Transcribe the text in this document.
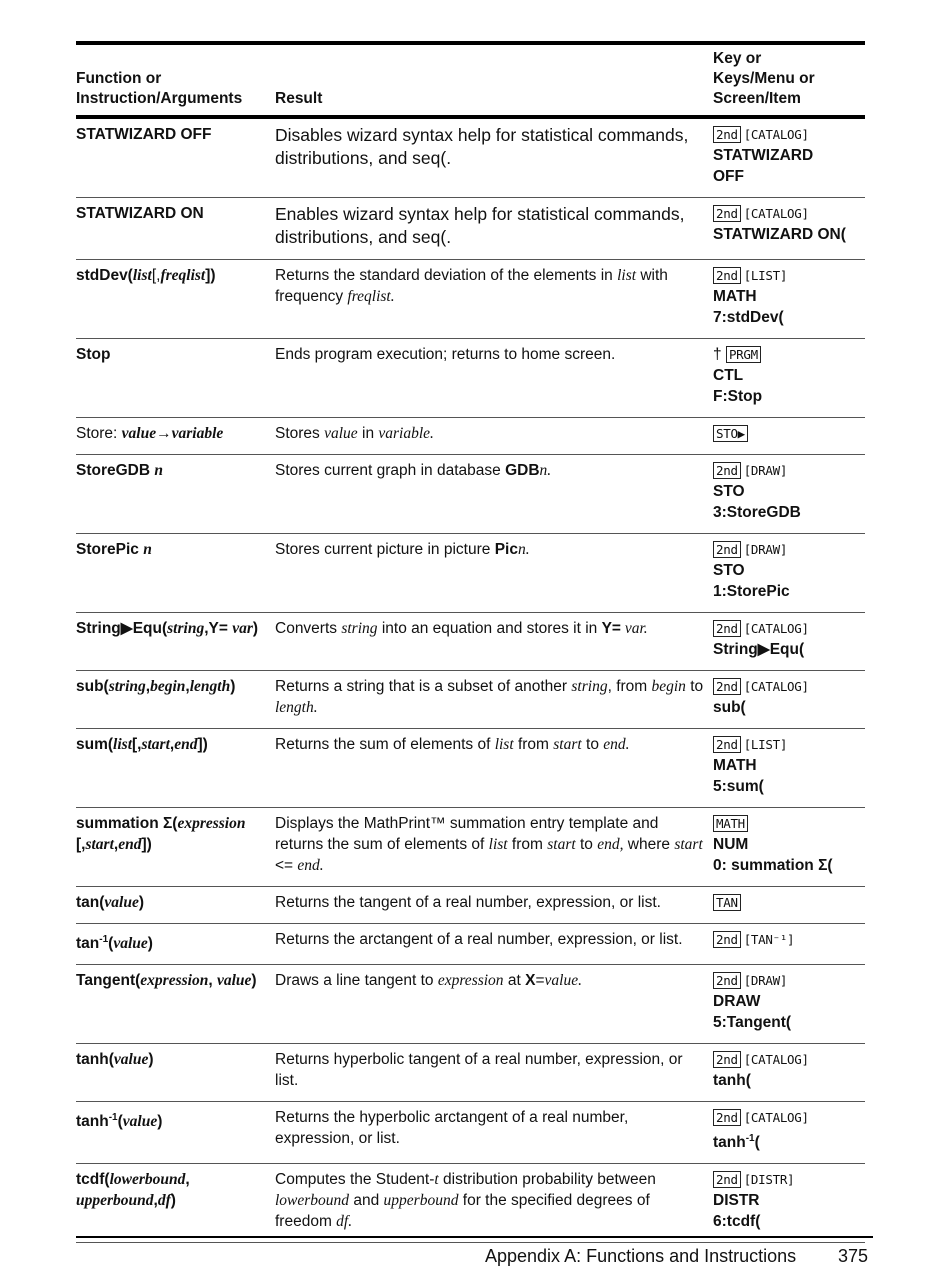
Function or
Instruction/Arguments	Result	Key or
Keys/Menu or
Screen/Item
STATWIZARD OFF	Disables wizard syntax help for statistical commands, distributions, and seq(.	2nd [CATALOG]
STATWIZARD
OFF

STATWIZARD ON	Enables wizard syntax help for statistical commands, distributions, and seq(.	2nd [CATALOG]
STATWIZARD ON(

stdDev(list[,freqlist])	Returns the standard deviation of the elements in list with frequency freqlist.	2nd [LIST]
MATH
7:stdDev(

Stop	Ends program execution; returns to home screen.	† PRGM
CTL
F:Stop

Store: value→variable	Stores value in variable.	STO▶

StoreGDB n	Stores current graph in database GDBn.	2nd [DRAW]
STO
3:StoreGDB

StorePic n	Stores current picture in picture Picn.	2nd [DRAW]
STO
1:StorePic

String▶Equ(string,Y= var)	Converts string into an equation and stores it in Y= var.	2nd [CATALOG]
String▶Equ(

sub(string,begin,length)	Returns a string that is a subset of another string, from begin to length.	2nd [CATALOG]
sub(

sum(list[,start,end])	Returns the sum of elements of list from start to end.	2nd [LIST]
MATH
5:sum(

summation Σ(expression [,start,end])	Displays the MathPrint™ summation entry template and returns the sum of elements of list from start to end, where start <= end.	MATH
NUM
0: summation Σ(

tan(value)	Returns the tangent of a real number, expression, or list.	TAN

$\tan^{-1}(value)$	Returns the arctangent of a real number, expression, or list.	2nd [TAN⁻¹]

Tangent(expression, value)	Draws a line tangent to expression at X=value.	2nd [DRAW]
DRAW
5:Tangent(

tanh(value)	Returns hyperbolic tangent of a real number, expression, or list.	2nd [CATALOG]
tanh(

$\tanh^{-1}(value)$	Returns the hyperbolic arctangent of a real number, expression, or list.	2nd [CATALOG]
$\tanh^{-1}$(

tcdf(lowerbound, upperbound,df)	Computes the Student-t distribution probability between lowerbound and upperbound for the specified degrees of freedom df.	2nd [DISTR]
DISTR
6:tcdf(
Appendix A: Functions and Instructions 375
